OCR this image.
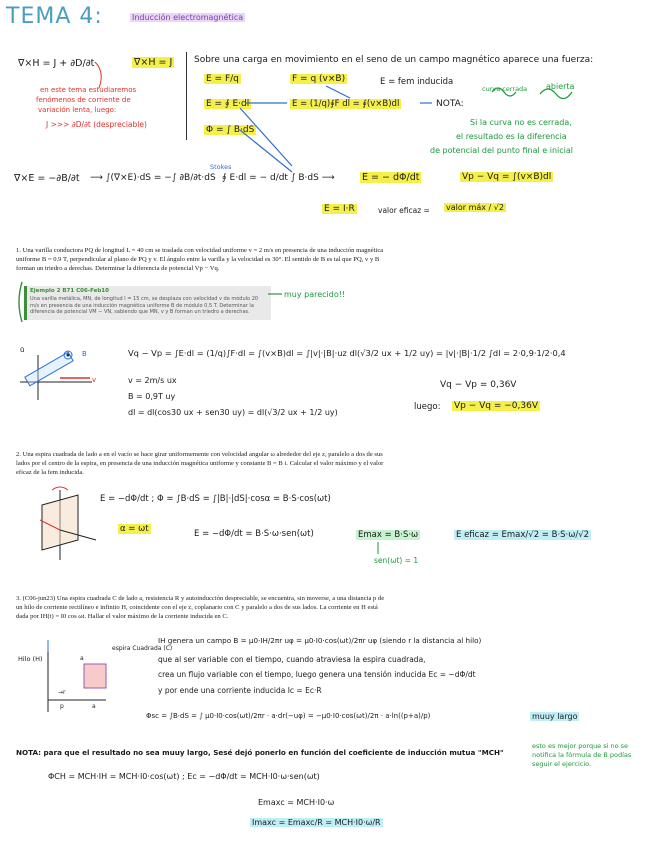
TEMA 4:	Inducción electromagnética
∇×H = J + ∂D/∂t	∇×H = J
en este tema estudiaremos
fenómenos de corriente de
variación lenta, luego:
J >>> ∂D/∂t (despreciable)
Sobre una carga en movimiento en el seno de un campo magnético aparece una fuerza:
E = F/q	F = q (v×B)	E = fem inducida
E = ∮ E·dl	E = (1/q)∮F dl = ∮(v×B)dl	NOTA:
curva cerrada abierta
Φ = ∫ B·dS
Si la curva no es cerrada,
el resultado es la diferencia
de potencial del punto final e inicial
∇×E = −∂B/∂t ⟶ ∫(∇×E)·dS = −∫ ∂B/∂t·dS
Stokes
∮ E·dl = − d/dt ∫ B·dS ⟶	E = − dΦ/dt	Vp − Vq = ∫(v×B)dl
E = I·R	valor eficaz = valor máx / √2
1. Una varilla conductora PQ de longitud L = 40 cm se traslada con velocidad uniforme v = 2 m/s en presencia de una inducción magnética uniforme B = 0.9 T, perpendicular al plano de PQ y v. El ángulo entre la varilla y la velocidad es 30°. El sentido de B es tal que PQ, v y B forman un triedro a derechas. Determinar la diferencia de potencial Vp − Vq.
Ejemplo 2 B71 C06-Feb10
Una varilla metálica, MN, de longitud l = 15 cm, se desplaza con velocidad v de módulo 20 m/s en presencia de una inducción magnética uniforme B de módulo 0,5 T. Determinar la diferencia de potencial VM − VN, sabiendo que MN, v y B forman un triedro a derechas.
muy parecido!!
Vq − Vp = ∫E·dl = (1/q)∫F·dl = ∫(v×B)dl = ∫|v|·|B|·uz dl(√3/2 ux + 1/2 uy) = |v|·|B|·1/2 ∫dl = 2·0,9·1/2·0,4
v = 2m/s ux
B = 0,9T uy
dl = dl(cos30 ux + sen30 uy) = dl(√3/2 ux + 1/2 uy)
Vq − Vp = 0,36V
luego: Vp − Vq = −0,36V
2. Una espira cuadrada de lado a en el vacío se hace girar uniformemente con velocidad angular ω alrededor del eje z, paralelo a dos de sus lados por el centro de la espira, en presencia de una inducción magnética uniforme y constante B = B i. Calcular el valor máximo y el valor eficaz de la fem inducida.
E = −dΦ/dt ; Φ = ∫B·dS = ∫|B|·|dS|·cosα = B·S·cos(ωt)
α = ωt	E = −dΦ/dt = B·S·ω·sen(ωt)	Emax = B·S·ω
sen(ωt) = 1
E eficaz = Emax/√2 = B·S·ω/√2
3. (C06-jun23) Una espira cuadrada C de lado a, resistencia R y autoinducción despreciable, se encuentra, sin moverse, a una distancia p de un hilo de corriente rectilíneo e infinito H, coincidente con el eje z, coplanario con C y paralelo a dos de sus lados. La corriente en H está dada por IH(t) = I0 cos ωt. Hallar el valor máximo de la corriente inducida en C.
Hilo (H)
espira Cuadrada (C)
IH genera un campo B = μ0·IH/2πr uφ = μ0·I0·cos(ωt)/2πr uφ (siendo r la distancia al hilo)
que al ser variable con el tiempo, cuando atraviesa la espira cuadrada,
crea un flujo variable con el tiempo, luego genera una tensión inducida Ec = −dΦ/dt
y por ende una corriente inducida Ic = Ec·R
Φsc = ∫B·dS = ∫ μ0·I0·cos(ωt)/2πr · a·dr(−uφ) = −μ0·I0·cos(ωt)/2π · a·ln((p+a)/p)	muuy largo
NOTA: para que el resultado no sea muuy largo, Sesé dejó ponerlo en función del coeficiente de inducción mutua "MCH"
esto es mejor porque si no se notifica la fórmula de B podías seguir el ejercicio.
ΦCH = MCH·IH = MCH·I0·cos(ωt) ; Ec = −dΦ/dt = MCH·I0·ω·sen(ωt)
Emaxc = MCH·I0·ω
Imaxc = Emaxc/R = MCH·I0·ω/R
ū	B
v
→r
p	a
a
